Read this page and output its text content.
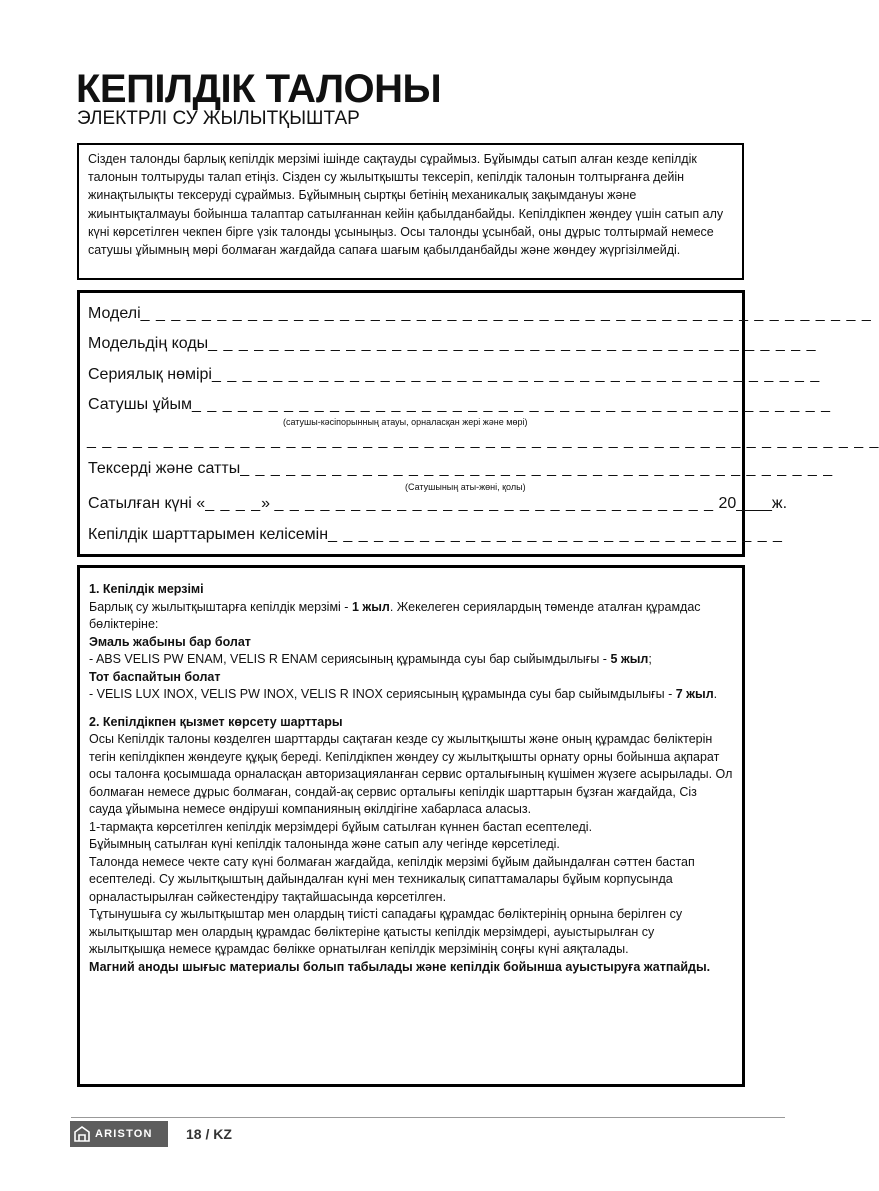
КЕПІЛДІК ТАЛОНЫ
ЭЛЕКТРЛІ СУ ЖЫЛЫТҚЫШТАР
Сізден талонды барлық кепілдік мерзімі ішінде сақтауды сұраймыз. Бұйымды сатып алған кезде кепілдік талонын толтыруды талап етіңіз. Сізден су жылытқышты тексеріп, кепілдік талонын толтырғанға дейін жинақтылықты тексеруді сұраймыз. Бұйымның сыртқы бетінің механикалық зақымдануы және жиынтықталмауы бойынша талаптар сатылғаннан кейін қабылданбайды. Кепілдікпен жөндеу үшін сатып алу күні көрсетілген чекпен бірге үзік талонды ұсыныңыз. Осы талонды ұсынбай, оны дұрыс толтырмай немесе сатушы ұйымның мөрі болмаған жағдайда сапаға шағым қабылданбайды және жөндеу жүргізілмейді.
Моделі_ _ _ _ _ _ _ _ _ _ _ _ _ _ _ _ _ _ _ _ _ _ _ _ _ _ _ _ _ _ _ _ _ _ _ _ _ _ _ _ _ _ _ _ _ _ _ _
Модельдің коды_ _ _ _ _ _ _ _ _ _ _ _ _ _ _ _ _ _ _ _ _ _ _ _ _ _ _ _ _ _ _ _ _ _ _ _ _ _ _ _
Сериялық нөмірі_ _ _ _ _ _ _ _ _ _ _ _ _ _ _ _ _ _ _ _ _ _ _ _ _ _ _ _ _ _ _ _ _ _ _ _ _ _ _ _
Сатушы ұйым_ _ _ _ _ _ _ _ _ _ _ _ _ _ _ _ _ _ _ _ _ _ _ _ _ _ _ _ _ _ _ _ _ _ _ _ _ _ _ _ _ _
(сатушы-кәсіпорынның атауы, орналасқан жері және мөрі)
_ _ _ _ _ _ _ _ _ _ _ _ _ _ _ _ _ _ _ _ _ _ _ _ _ _ _ _ _ _ _ _ _ _ _ _ _ _ _ _ _ _ _ _ _ _ _ _ _ _ _ _
Тексерді және сатты_ _ _ _ _ _ _ _ _ _ _ _ _ _ _ _ _ _ _ _ _ _ _ _ _ _ _ _ _ _ _ _ _ _ _ _ _ _ _
(Сатушының аты-жөні, қолы)
Сатылған күні «_ _ _ _» _ _ _ _ _ _ _ _ _ _ _ _ _ _ _ _ _ _ _ _ _ _ _ _ _ _ _ _ _ 20____ж.
Кепілдік шарттарымен келісемін_ _ _ _ _ _ _ _ _ _ _ _ _ _ _ _ _ _ _ _ _ _ _ _ _ _ _ _ _ _

1. Кепілдік мерзімі

Барлық су жылытқыштарға кепілдік мерзімі - 1 жыл. Жекелеген сериялардың төменде аталған құрамдас бөліктеріне:

Эмаль жабыны бар болат

- ABS VELIS PW ENAM, VELIS R ENAM сериясының құрамында суы бар сыйымдылығы - 5 жыл;

Тот баспайтын болат

- VELIS LUX INOX, VELIS PW INOX, VELIS R INOX сериясының құрамында суы бар сыйымдылығы - 7 жыл.

2. Кепілдікпен қызмет көрсету шарттары

Осы Кепілдік талоны көзделген шарттарды сақтаған кезде су жылытқышты және оның құрамдас бөліктерін тегін кепілдікпен жөндеуге құқық береді. Кепілдікпен жөндеу су жылытқышты орнату орны бойынша ақпарат осы талонға қосымшада орналасқан авторизацияланған сервис орталығының күшімен жүзеге асырылады. Ол болмаған немесе дұрыс болмаған, сондай-ақ сервис орталығы кепілдік шарттарын бұзған жағдайда, Сіз сауда ұйымына немесе өндіруші компанияның өкілдігіне хабарласа аласыз.

1-тармақта көрсетілген кепілдік мерзімдері бұйым сатылған күннен бастап есептеледі.

Бұйымның сатылған күні кепілдік талонында және сатып алу чегінде көрсетіледі.

Талонда немесе чекте сату күні болмаған жағдайда, кепілдік мерзімі бұйым дайындалған сәттен бастап есептеледі. Су жылытқыштың дайындалған күні мен техникалық сипаттамалары бұйым корпусында орналастырылған сәйкестендіру тақтайшасында көрсетілген.

Тұтынушыға су жылытқыштар мен олардың тиісті сападағы құрамдас бөліктерінің орнына берілген су жылытқыштар мен олардың құрамдас бөліктеріне қатысты кепілдік мерзімдері, ауыстырылған су жылытқышқа немесе құрамдас бөлікке орнатылған кепілдік мерзімінің соңғы күні аяқталады.

Магний аноды шығыс материалы болып табылады және кепілдік бойынша ауыстыруға жатпайды.

ARISTON 18 / KZ
